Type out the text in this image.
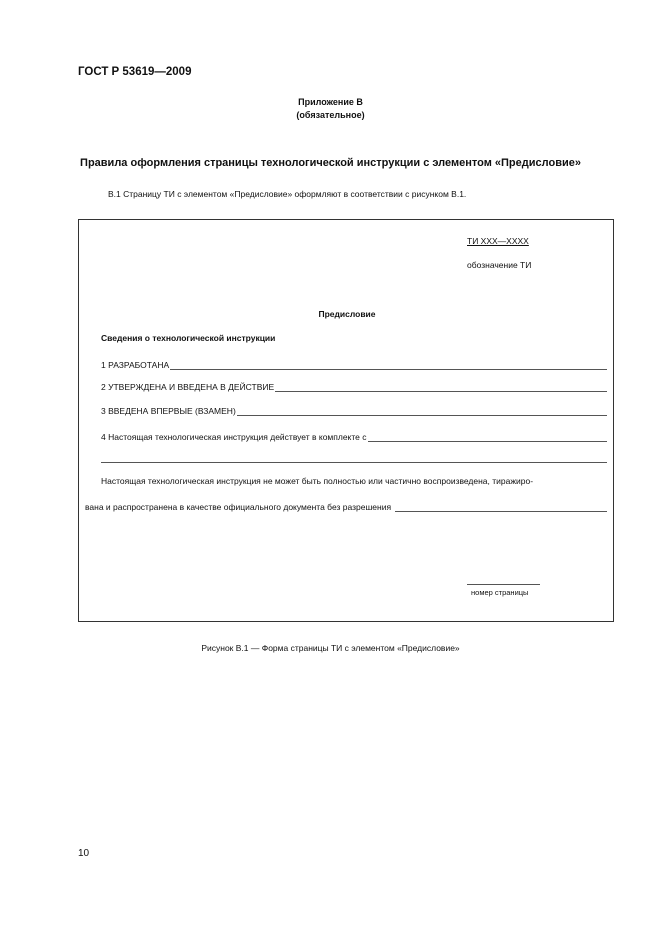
ГОСТ Р 53619—2009
Приложение В
(обязательное)
Правила оформления страницы технологической инструкции с элементом «Предисловие»
В.1 Страницу ТИ с элементом «Предисловие» оформляют в соответствии с рисунком В.1.
ТИ XXX—XXXX
обозначение ТИ
Предисловие
Сведения о технологической инструкции
1 РАЗРАБОТАНА
2 УТВЕРЖДЕНА И ВВЕДЕНА В ДЕЙСТВИЕ
3 ВВЕДЕНА ВПЕРВЫЕ (ВЗАМЕН)
4 Настоящая технологическая инструкция действует в комплекте с
Настоящая технологическая инструкция не может быть полностью или частично воспроизведена, тиражиро-
вана и распространена в качестве официального документа без разрешения
номер страницы
Рисунок В.1 — Форма страницы ТИ с элементом «Предисловие»
10
